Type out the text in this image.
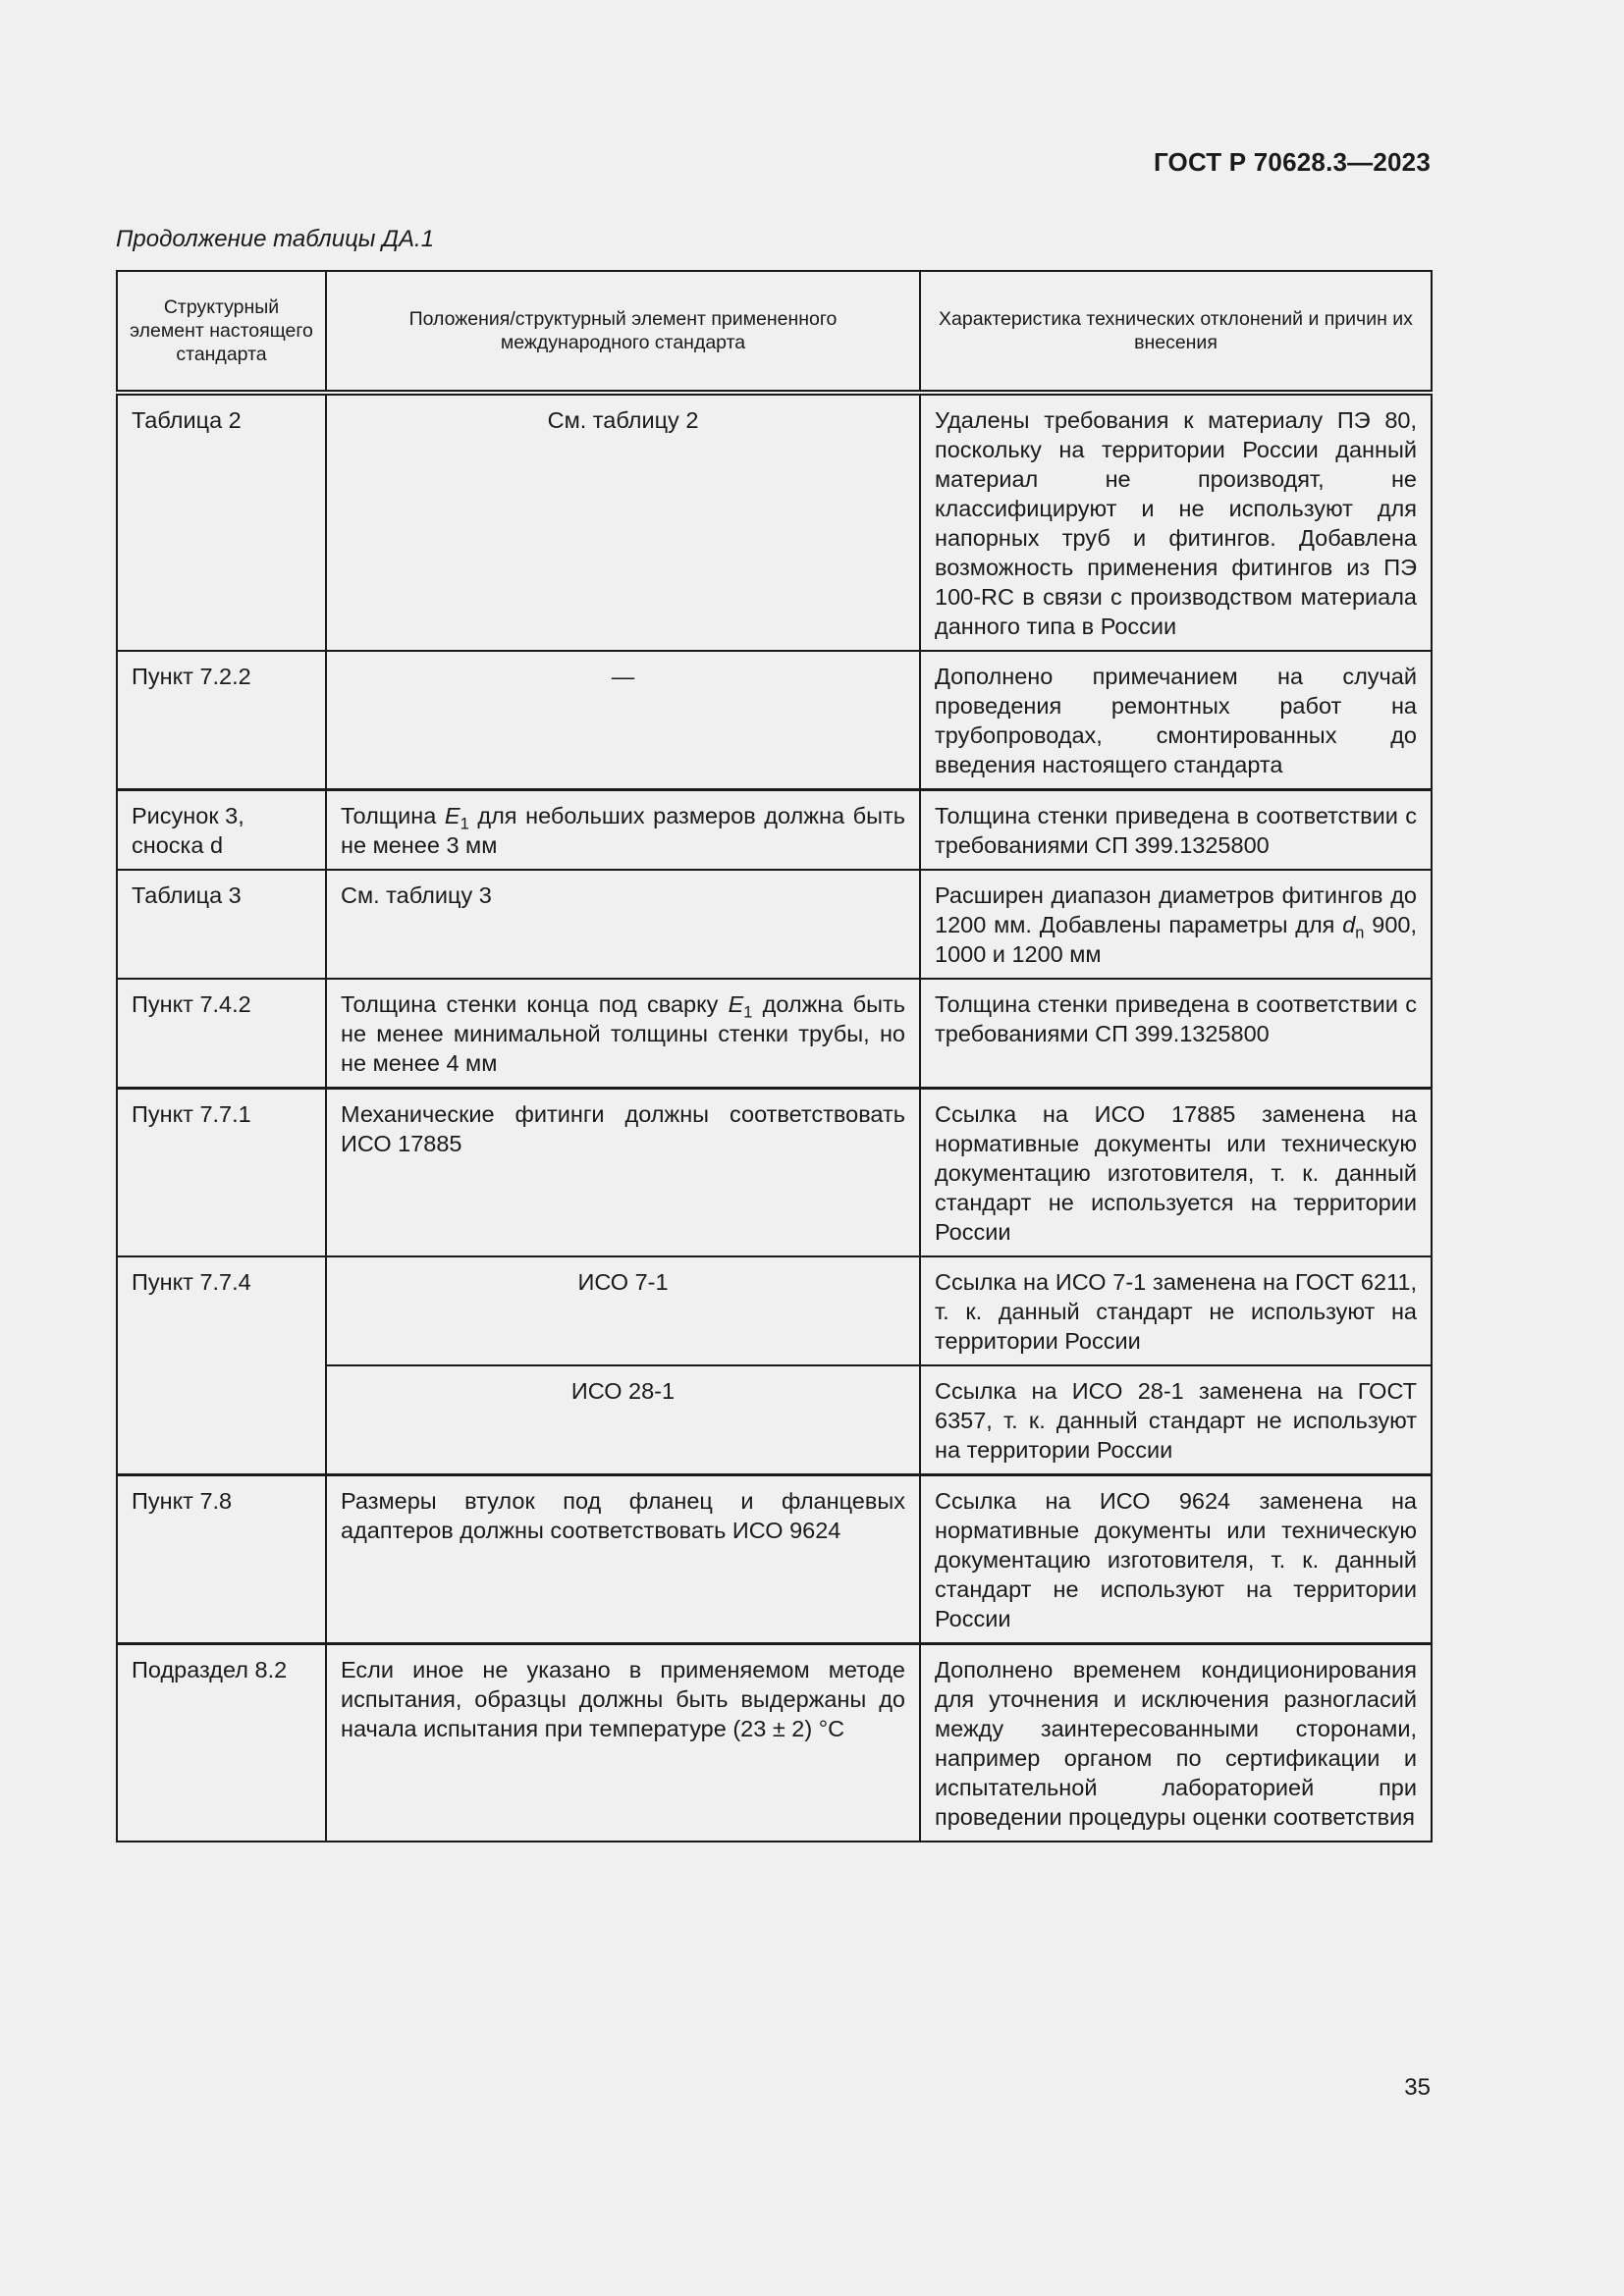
ГОСТ Р 70628.3—2023
Продолжение таблицы ДА.1
Структурный элемент настоящего стандарта	Положения/структурный элемент примененного международного стандарта	Характеристика технических отклонений и причин их внесения
Таблица 2	См. таблицу 2	Удалены требования к материалу ПЭ 80, поскольку на территории России данный материал не производят, не классифицируют и не используют для напорных труб и фитингов. Добавлена возможность применения фитингов из ПЭ 100-RC в связи с производством материала данного типа в России
Пункт 7.2.2	—	Дополнено примечанием на случай проведения ремонтных работ на трубопроводах, смонтированных до введения настоящего стандарта
Рисунок 3, сноска d	Толщина $E_1$ для небольших размеров должна быть не менее 3 мм	Толщина стенки приведена в соответствии с требованиями СП 399.1325800
Таблица 3	См. таблицу 3	Расширен диапазон диаметров фитингов до 1200 мм. Добавлены параметры для $d_n$ 900, 1000 и 1200 мм
Пункт 7.4.2	Толщина стенки конца под сварку $E_1$ должна быть не менее минимальной толщины стенки трубы, но не менее 4 мм	Толщина стенки приведена в соответствии с требованиями СП 399.1325800
Пункт 7.7.1	Механические фитинги должны соответствовать ИСО 17885	Ссылка на ИСО 17885 заменена на нормативные документы или техническую документацию изготовителя, т. к. данный стандарт не используется на территории России
Пункт 7.7.4	ИСО 7-1	Ссылка на ИСО 7-1 заменена на ГОСТ 6211, т. к. данный стандарт не используют на территории России
	ИСО 28-1	Ссылка на ИСО 28-1 заменена на ГОСТ 6357, т. к. данный стандарт не используют на территории России
Пункт 7.8	Размеры втулок под фланец и фланцевых адаптеров должны соответствовать ИСО 9624	Ссылка на ИСО 9624 заменена на нормативные документы или техническую документацию изготовителя, т. к. данный стандарт не используют на территории России
Подраздел 8.2	Если иное не указано в применяемом методе испытания, образцы должны быть выдержаны до начала испытания при температуре (23 ± 2) °C	Дополнено временем кондиционирования для уточнения и исключения разногласий между заинтересованными сторонами, например органом по сертификации и испытательной лабораторией при проведении процедуры оценки соответствия
35
